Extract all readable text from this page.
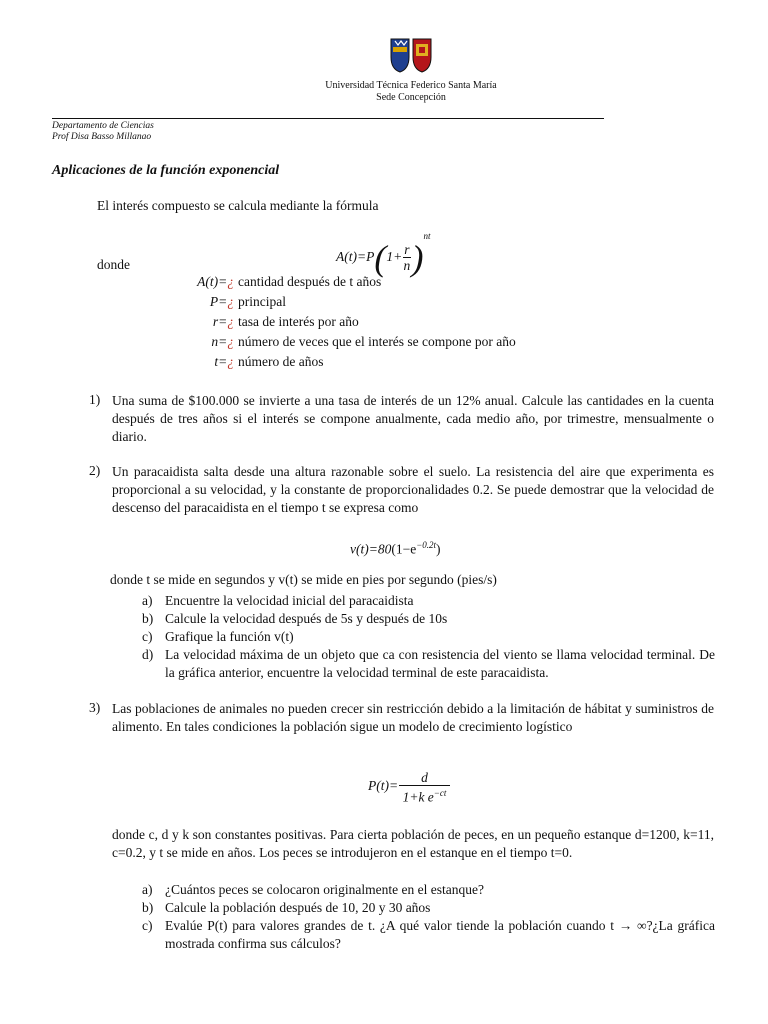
Universidad Técnica Federico Santa María
Sede Concepción
Departamento de Ciencias
Prof Disa Basso Millanao
Aplicaciones de la función exponencial
El interés compuesto se calcula mediante la fórmula
$A(t)=P(1+ \frac{r}{n} )^{nt}$
donde
A(t)=¿ cantidad después de t años
P=¿ principal
r=¿ tasa de interés por año
n=¿ número de veces que el interés se compone por año
t=¿ número de años
1) Una suma de $100.000 se invierte a una tasa de interés de un 12% anual. Calcule las cantidades en la cuenta después de tres años si el interés se compone anualmente, cada medio año, por trimestre, mensualmente o diario.
2) Un paracaidista salta desde una altura razonable sobre el suelo. La resistencia del aire que experimenta es proporcional a su velocidad, y la constante de proporcionalidades 0.2. Se puede demostrar que la velocidad de descenso del paracaidista en el tiempo t se expresa como
$v(t)=80(1-e^{-0.2t})$
donde t se mide en segundos y v(t) se mide en pies por segundo (pies/s)
a) Encuentre la velocidad inicial del paracaidista
b) Calcule la velocidad después de 5s y después de 10s
c) Grafique la función v(t)
d) La velocidad máxima de un objeto que ca con resistencia del viento se llama velocidad terminal. De la gráfica anterior, encuentre la velocidad terminal de este paracaidista.
3) Las poblaciones de animales no pueden crecer sin restricción debido a la limitación de hábitat y suministros de alimento. En tales condiciones la población sigue un modelo de crecimiento logístico
$P(t)= \frac{d}{1+k e^{-ct}}$
donde c, d y k son constantes positivas. Para cierta población de peces, en un pequeño estanque d=1200, k=11, c=0.2, y t se mide en años. Los peces se introdujeron en el estanque en el tiempo t=0.
a) ¿Cuántos peces se colocaron originalmente en el estanque?
b) Calcule la población después de 10, 20 y 30 años
c) Evalúe P(t) para valores grandes de t. ¿A qué valor tiende la población cuando t → ∞?¿La gráfica mostrada confirma sus cálculos?
